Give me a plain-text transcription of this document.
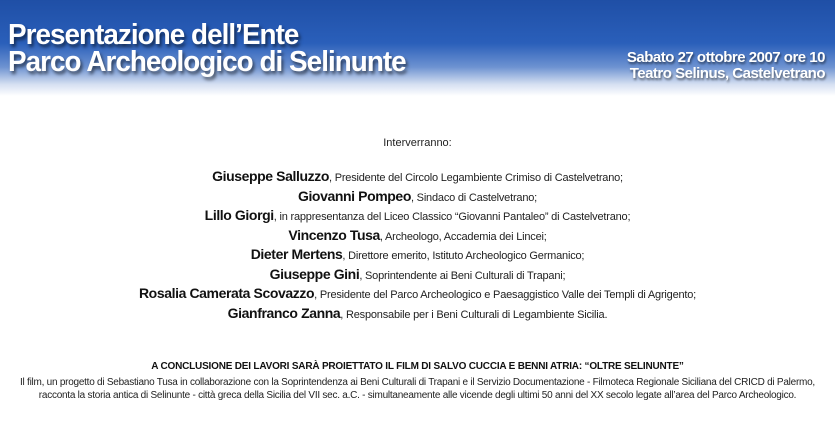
Presentazione dell’Ente
Parco Archeologico di Selinunte	Sabato 27 ottobre 2007 ore 10
Teatro Selinus, Castelvetrano
Interverranno:
Giuseppe Salluzzo, Presidente del Circolo Legambiente Crimiso di Castelvetrano;
Giovanni Pompeo, Sindaco di Castelvetrano;
Lillo Giorgi, in rappresentanza del Liceo Classico “Giovanni Pantaleo” di Castelvetrano;
Vincenzo Tusa, Archeologo, Accademia dei Lincei;
Dieter Mertens, Direttore emerito, Istituto Archeologico Germanico;
Giuseppe Gini, Soprintendente ai Beni Culturali di Trapani;
Rosalia Camerata Scovazzo, Presidente del Parco Archeologico e Paesaggistico Valle dei Templi di Agrigento;
Gianfranco Zanna, Responsabile per i Beni Culturali di Legambiente Sicilia.
A CONCLUSIONE DEI LAVORI SARÀ PROIETTATO IL FILM DI SALVO CUCCIA E BENNI ATRIA: “OLTRE SELINUNTE”
Il film, un progetto di Sebastiano Tusa in collaborazione con la Soprintendenza ai Beni Culturali di Trapani e il Servizio Documentazione - Filmoteca Regionale Siciliana del CRICD di Palermo,
racconta la storia antica di Selinunte - città greca della Sicilia del VII sec. a.C. - simultaneamente alle vicende degli ultimi 50 anni del XX secolo legate all’area del Parco Archeologico.
